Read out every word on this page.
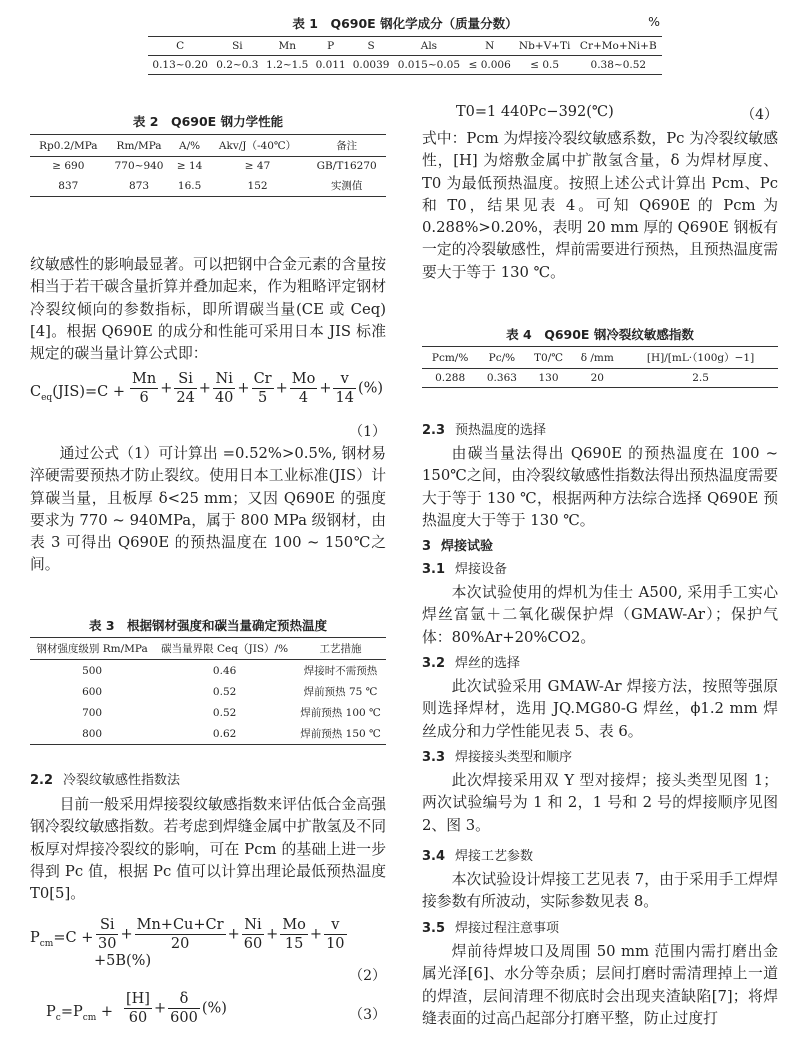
表 1　Q690E 钢化学成分（质量分数）	%
C	Si	Mn	P	S	Als	N	Nb+V+Ti	Cr+Mo+Ni+B
0.13~0.20	0.2~0.3	1.2~1.5	0.011	0.0039	0.015~0.05	≤ 0.006	≤ 0.5	0.38~0.52
表 2　Q690E 钢力学性能
Rp0.2/MPa	Rm/MPa	A/%	Akv/J（-40℃）	备注
≥ 690	770~940	≥ 14	≥ 47	GB/T16270
837	873	16.5	152	实测值

纹敏感性的影响最显著。可以把钢中合金元素的含量按相当于若干碳含量折算并叠加起来，作为粗略评定钢材冷裂纹倾向的参数指标，即所谓碳当量(CE 或 Ceq)[4]。根据 Q690E 的成分和性能可采用日本 JIS 标准规定的碳当量计算公式即：

$C_{eq}(JIS)=C + \frac{Mn}{6} + \frac{Si}{24} + \frac{Ni}{40} + \frac{Cr}{5} + \frac{Mo}{4} + \frac{v}{14}$ (%)
（1）

通过公式（1）可计算出 =0.52%>0.5%, 钢材易淬硬需要预热才防止裂纹。使用日本工业标准(JIS）计算碳当量，且板厚 δ<25 mm；又因 Q690E 的强度要求为 770 ~ 940MPa，属于 800 MPa 级钢材，由表 3 可得出 Q690E 的预热温度在 100 ~ 150℃之间。

表 3　根据钢材强度和碳当量确定预热温度
钢材强度级别 Rm/MPa	碳当量界限 Ceq（JIS）/%	工艺措施
500	0.46	焊接时不需预热
600	0.52	焊前预热 75 ℃
700	0.52	焊前预热 100 ℃
800	0.62	焊前预热 150 ℃
2.2 冷裂纹敏感性指数法

目前一般采用焊接裂纹敏感指数来评估低合金高强钢冷裂纹敏感指数。若考虑到焊缝金属中扩散氢及不同板厚对焊接冷裂纹的影响，可在 Pcm 的基础上进一步得到 Pc 值，根据 Pc 值可以计算出理论最低预热温度 T0[5]。

$P_{cm}=C + \frac{Si}{30} + \frac{Mn+Cu+Cr}{20} + \frac{Ni}{60} + \frac{Mo}{15} + \frac{v}{10}$
+5B(%)
（2）
$P_c=P_{cm} + \frac{[H]}{60} + \frac{\delta}{600}$ (%)	（3）
T0=1 440Pc−392(℃)	（4）

式中：Pcm 为焊接冷裂纹敏感系数，Pc 为冷裂纹敏感性，[H] 为熔敷金属中扩散氢含量，δ 为焊材厚度、T0 为最低预热温度。按照上述公式计算出 Pcm、Pc 和 T0，结果见表 4。可知 Q690E 的 Pcm 为 0.288%>0.20%，表明 20 mm 厚的 Q690E 钢板有一定的冷裂敏感性，焊前需要进行预热，且预热温度需要大于等于 130 ℃。

表 4　Q690E 钢冷裂纹敏感指数
Pcm/%	Pc/%	T0/℃	δ /mm	[H]/[mL·（100g）−1]
0.288	0.363	130	20	2.5
2.3 预热温度的选择

由碳当量法得出 Q690E 的预热温度在 100 ~ 150℃之间，由冷裂纹敏感性指数法得出预热温度需要大于等于 130 ℃，根据两种方法综合选择 Q690E 预热温度大于等于 130 ℃。

3 焊接试验
3.1 焊接设备

本次试验使用的焊机为佳士 A500, 采用手工实心焊丝富氩＋二氧化碳保护焊（GMAW-Ar）；保护气体：80%Ar+20%CO2。

3.2 焊丝的选择

此次试验采用 GMAW-Ar 焊接方法，按照等强原则选择焊材，选用 JQ.MG80-G 焊丝，ϕ1.2 mm 焊丝成分和力学性能见表 5、表 6。

3.3 焊接接头类型和顺序

此次焊接采用双 Y 型对接焊；接头类型见图 1；两次试验编号为 1 和 2，1 号和 2 号的焊接顺序见图 2、图 3。

3.4 焊接工艺参数

本次试验设计焊接工艺见表 7，由于采用手工焊焊接参数有所波动，实际参数见表 8。

3.5 焊接过程注意事项

焊前待焊坡口及周围 50 mm 范围内需打磨出金属光泽[6]、水分等杂质；层间打磨时需清理掉上一道的焊渣，层间清理不彻底时会出现夹渣缺陷[7]；将焊缝表面的过高凸起部分打磨平整，防止过度打
